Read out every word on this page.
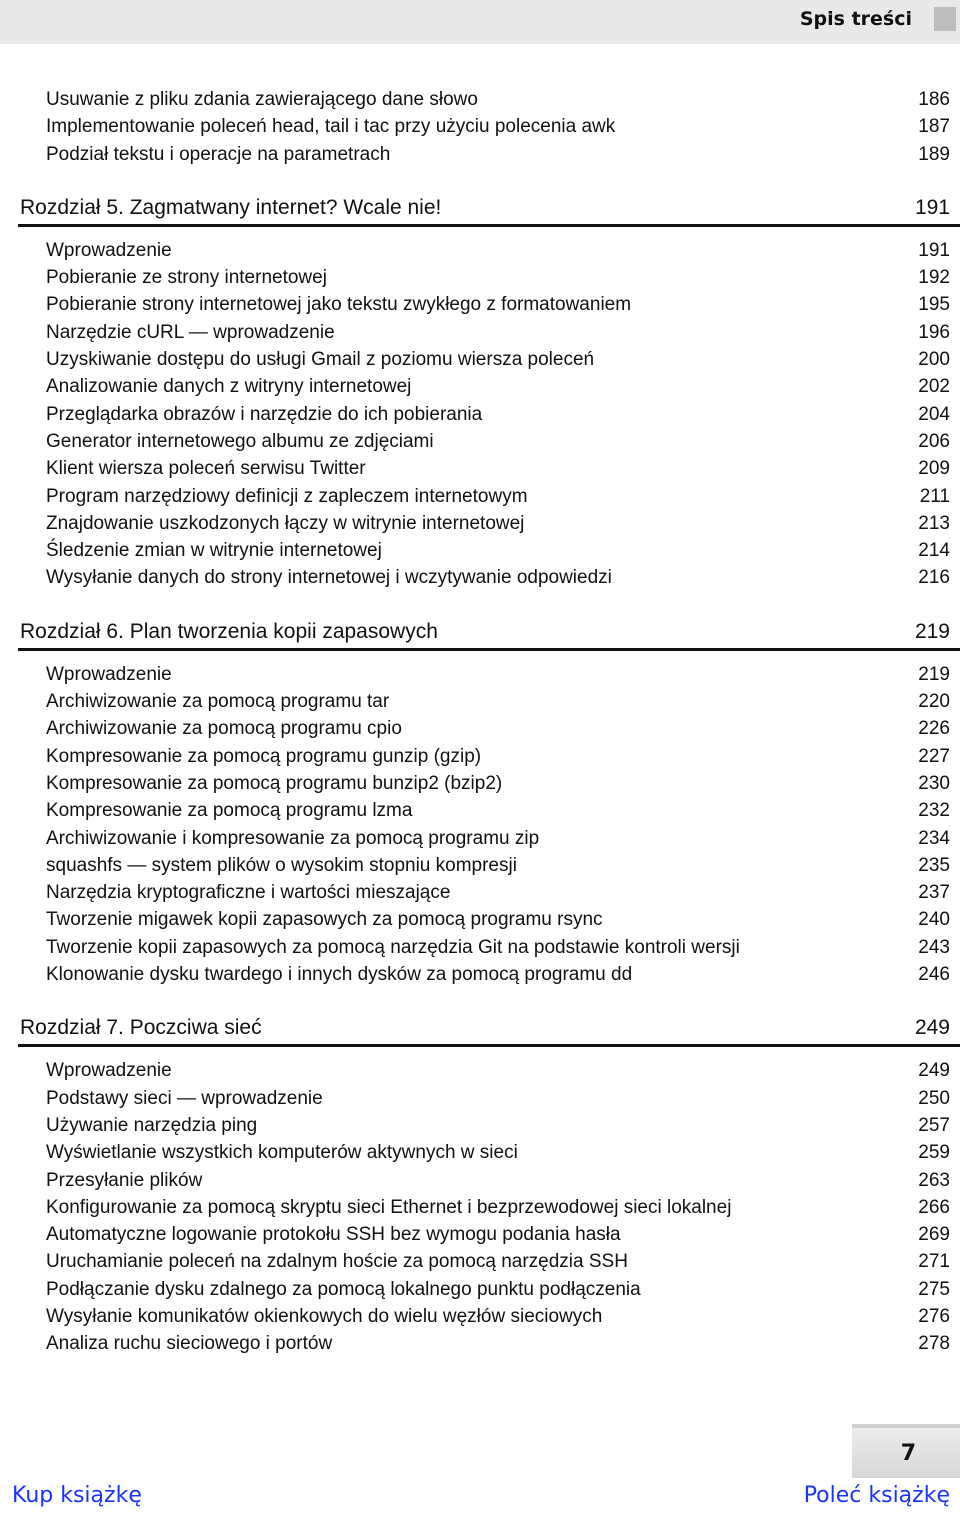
Spis treści
Usuwanie z pliku zdania zawierającego dane słowo	186
Implementowanie poleceń head, tail i tac przy użyciu polecenia awk	187
Podział tekstu i operacje na parametrach	189
Rozdział 5. Zagmatwany internet? Wcale nie!	191
Wprowadzenie	191
Pobieranie ze strony internetowej	192
Pobieranie strony internetowej jako tekstu zwykłego z formatowaniem	195
Narzędzie cURL — wprowadzenie	196
Uzyskiwanie dostępu do usługi Gmail z poziomu wiersza poleceń	200
Analizowanie danych z witryny internetowej	202
Przeglądarka obrazów i narzędzie do ich pobierania	204
Generator internetowego albumu ze zdjęciami	206
Klient wiersza poleceń serwisu Twitter	209
Program narzędziowy definicji z zapleczem internetowym	211
Znajdowanie uszkodzonych łączy w witrynie internetowej	213
Śledzenie zmian w witrynie internetowej	214
Wysyłanie danych do strony internetowej i wczytywanie odpowiedzi	216
Rozdział 6. Plan tworzenia kopii zapasowych	219
Wprowadzenie	219
Archiwizowanie za pomocą programu tar	220
Archiwizowanie za pomocą programu cpio	226
Kompresowanie za pomocą programu gunzip (gzip)	227
Kompresowanie za pomocą programu bunzip2 (bzip2)	230
Kompresowanie za pomocą programu lzma	232
Archiwizowanie i kompresowanie za pomocą programu zip	234
squashfs — system plików o wysokim stopniu kompresji	235
Narzędzia kryptograficzne i wartości mieszające	237
Tworzenie migawek kopii zapasowych za pomocą programu rsync	240
Tworzenie kopii zapasowych za pomocą narzędzia Git na podstawie kontroli wersji	243
Klonowanie dysku twardego i innych dysków za pomocą programu dd	246
Rozdział 7. Poczciwa sieć	249
Wprowadzenie	249
Podstawy sieci — wprowadzenie	250
Używanie narzędzia ping	257
Wyświetlanie wszystkich komputerów aktywnych w sieci	259
Przesyłanie plików	263
Konfigurowanie za pomocą skryptu sieci Ethernet i bezprzewodowej sieci lokalnej	266
Automatyczne logowanie protokołu SSH bez wymogu podania hasła	269
Uruchamianie poleceń na zdalnym hoście za pomocą narzędzia SSH	271
Podłączanie dysku zdalnego za pomocą lokalnego punktu podłączenia	275
Wysyłanie komunikatów okienkowych do wielu węzłów sieciowych	276
Analiza ruchu sieciowego i portów	278
7
Kup książkę	Poleć książkę
